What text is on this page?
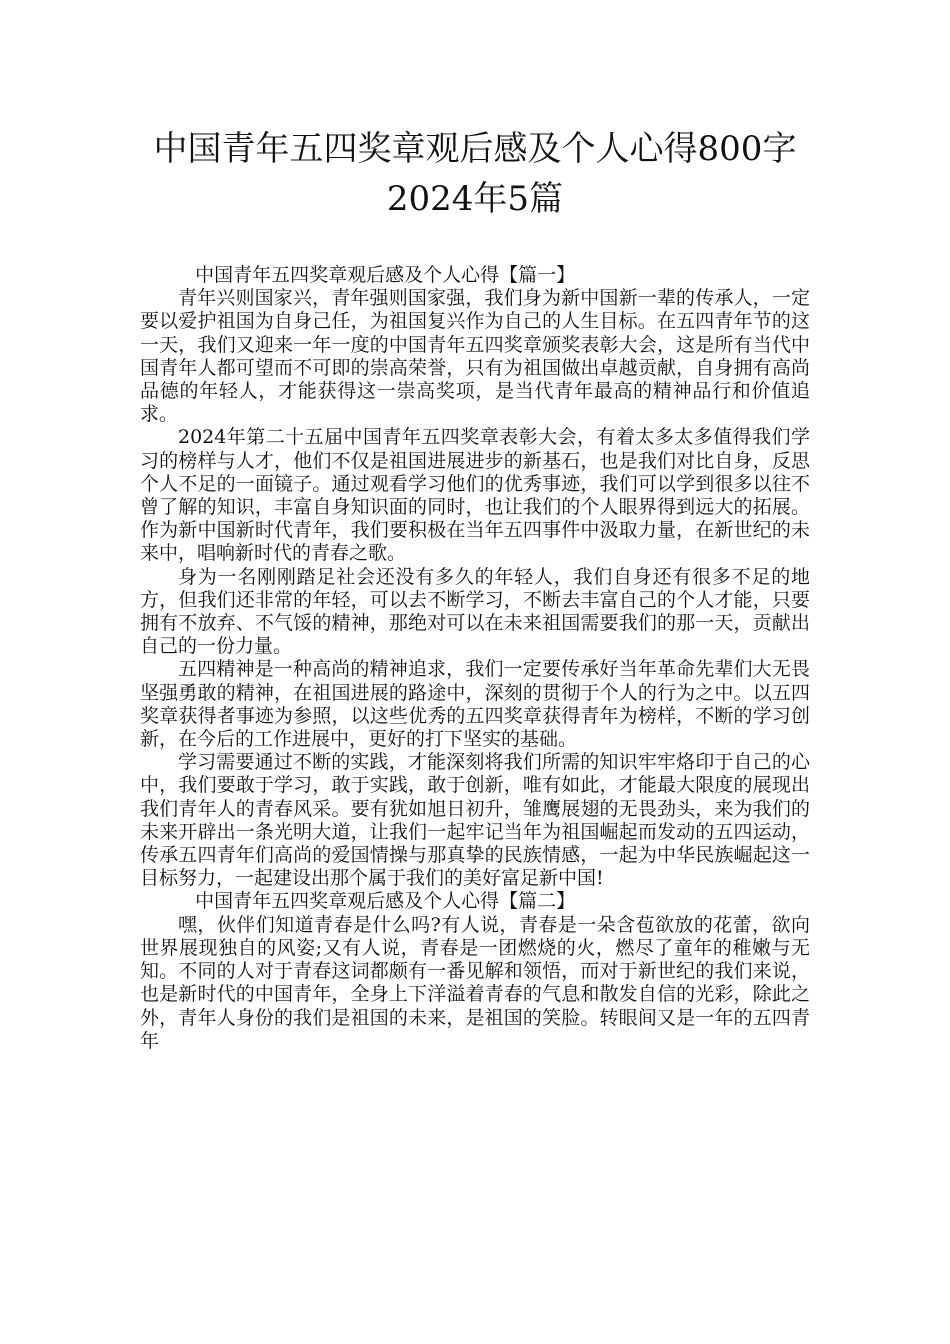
中国青年五四奖章观后感及个人心得800字2024年5篇

中国青年五四奖章观后感及个人心得【篇一】

青年兴则国家兴，青年强则国家强，我们身为新中国新一辈的传承人，一定要以爱护祖国为自身己任，为祖国复兴作为自己的人生目标。在五四青年节的这一天，我们又迎来一年一度的中国青年五四奖章颁奖表彰大会，这是所有当代中国青年人都可望而不可即的崇高荣誉，只有为祖国做出卓越贡献，自身拥有高尚品德的年轻人，才能获得这一崇高奖项，是当代青年最高的精神品行和价值追求。

2024年第二十五届中国青年五四奖章表彰大会，有着太多太多值得我们学习的榜样与人才，他们不仅是祖国进展进步的新基石，也是我们对比自身，反思个人不足的一面镜子。通过观看学习他们的优秀事迹，我们可以学到很多以往不曾了解的知识，丰富自身知识面的同时，也让我们的个人眼界得到远大的拓展。作为新中国新时代青年，我们要积极在当年五四事件中汲取力量，在新世纪的未来中，唱响新时代的青春之歌。

身为一名刚刚踏足社会还没有多久的年轻人，我们自身还有很多不足的地方，但我们还非常的年轻，可以去不断学习，不断去丰富自己的个人才能，只要拥有不放弃、不气馁的精神，那绝对可以在未来祖国需要我们的那一天，贡献出自己的一份力量。

五四精神是一种高尚的精神追求，我们一定要传承好当年革命先辈们大无畏坚强勇敢的精神，在祖国进展的路途中，深刻的贯彻于个人的行为之中。以五四奖章获得者事迹为参照，以这些优秀的五四奖章获得青年为榜样，不断的学习创新，在今后的工作进展中，更好的打下坚实的基础。

学习需要通过不断的实践，才能深刻将我们所需的知识牢牢烙印于自己的心中，我们要敢于学习，敢于实践，敢于创新，唯有如此，才能最大限度的展现出我们青年人的青春风采。要有犹如旭日初升，雏鹰展翅的无畏劲头，来为我们的未来开辟出一条光明大道，让我们一起牢记当年为祖国崛起而发动的五四运动，传承五四青年们高尚的爱国情操与那真挚的民族情感，一起为中华民族崛起这一目标努力，一起建设出那个属于我们的美好富足新中国!

中国青年五四奖章观后感及个人心得【篇二】

嘿，伙伴们知道青春是什么吗?有人说，青春是一朵含苞欲放的花蕾，欲向世界展现独自的风姿;又有人说，青春是一团燃烧的火，燃尽了童年的稚嫩与无知。不同的人对于青春这词都颇有一番见解和领悟，而对于新世纪的我们来说，也是新时代的中国青年，全身上下洋溢着青春的气息和散发自信的光彩，除此之外，青年人身份的我们是祖国的未来，是祖国的笑脸。转眼间又是一年的五四青年
